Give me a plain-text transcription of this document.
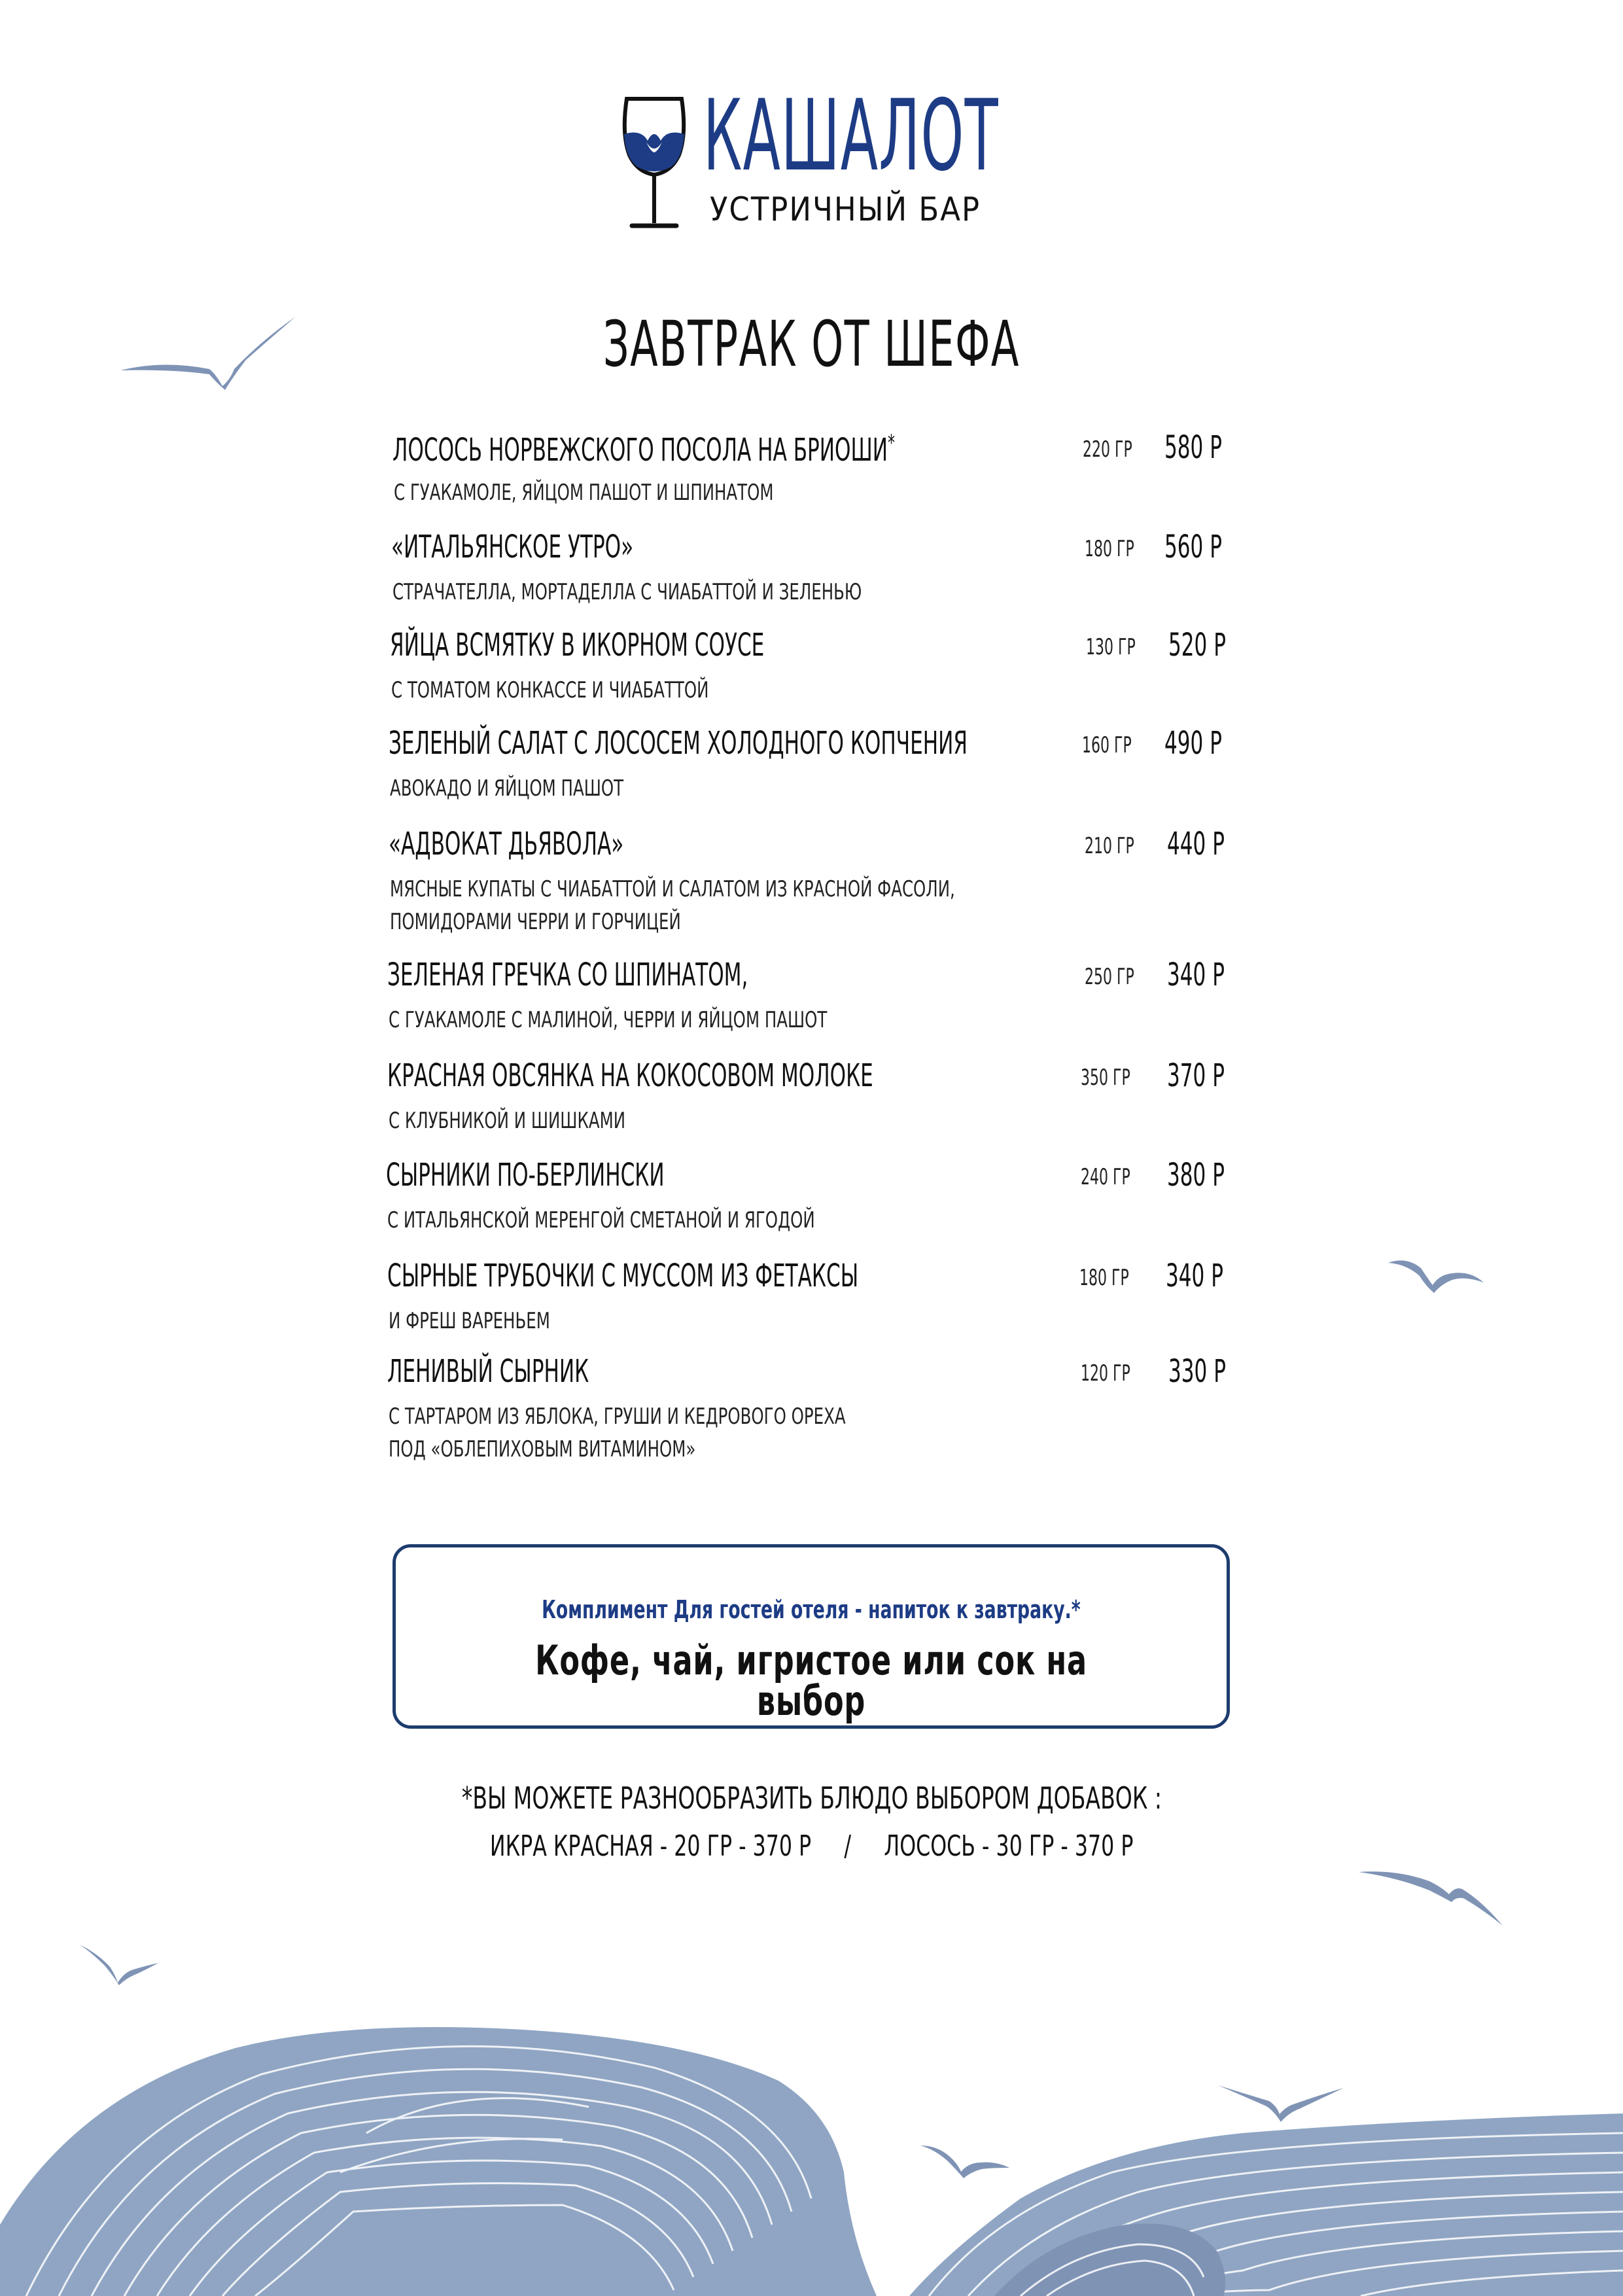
КАШАЛОТ
УСТРИЧНЫЙ БАР
ЗАВТРАК ОТ ШЕФА
ЛОСОСЬ НОРВЕЖСКОГО ПОСОЛА НА БРИОШИ*
С ГУАКАМОЛЕ, ЯЙЦОМ ПАШОТ И ШПИНАТОМ
220 ГР 580 Р
«ИТАЛЬЯНСКОЕ УТРО»
СТРАЧАТЕЛЛА, МОРТАДЕЛЛА С ЧИАБАТТОЙ И ЗЕЛЕНЬЮ
180 ГР 560 Р
ЯЙЦА ВСМЯТКУ В ИКОРНОМ СОУСЕ
С ТОМАТОМ КОНКАССЕ И ЧИАБАТТОЙ
130 ГР 520 Р
ЗЕЛЕНЫЙ САЛАТ С ЛОСОСЕМ ХОЛОДНОГО КОПЧЕНИЯ
АВОКАДО И ЯЙЦОМ ПАШОТ
160 ГР 490 Р
«АДВОКАТ ДЬЯВОЛА»
МЯСНЫЕ КУПАТЫ С ЧИАБАТТОЙ И САЛАТОМ ИЗ КРАСНОЙ ФАСОЛИ,
ПОМИДОРАМИ ЧЕРРИ И ГОРЧИЦЕЙ
210 ГР 440 Р
ЗЕЛЕНАЯ ГРЕЧКА СО ШПИНАТОМ,
С ГУАКАМОЛЕ С МАЛИНОЙ, ЧЕРРИ И ЯЙЦОМ ПАШОТ
250 ГР 340 Р
КРАСНАЯ ОВСЯНКА НА КОКОСОВОМ МОЛОКЕ
С КЛУБНИКОЙ И ШИШКАМИ
350 ГР 370 Р
СЫРНИКИ ПО-БЕРЛИНСКИ
С ИТАЛЬЯНСКОЙ МЕРЕНГОЙ СМЕТАНОЙ И ЯГОДОЙ
240 ГР 380 Р
СЫРНЫЕ ТРУБОЧКИ С МУССОМ ИЗ ФЕТАКСЫ
И ФРЕШ ВАРЕНЬЕМ
180 ГР 340 Р
ЛЕНИВЫЙ СЫРНИК
С ТАРТАРОМ ИЗ ЯБЛОКА, ГРУШИ И КЕДРОВОГО ОРЕХА
ПОД «ОБЛЕПИХОВЫМ ВИТАМИНОМ»
120 ГР 330 Р
Комплимент Для гостей отеля - напиток к завтраку.*
Кофе, чай, игристое или сок на выбор
*ВЫ МОЖЕТЕ РАЗНООБРАЗИТЬ БЛЮДО ВЫБОРОМ ДОБАВОК :
ИКРА КРАСНАЯ - 20 ГР - 370 Р     /     ЛОСОСЬ - 30 ГР - 370 Р
